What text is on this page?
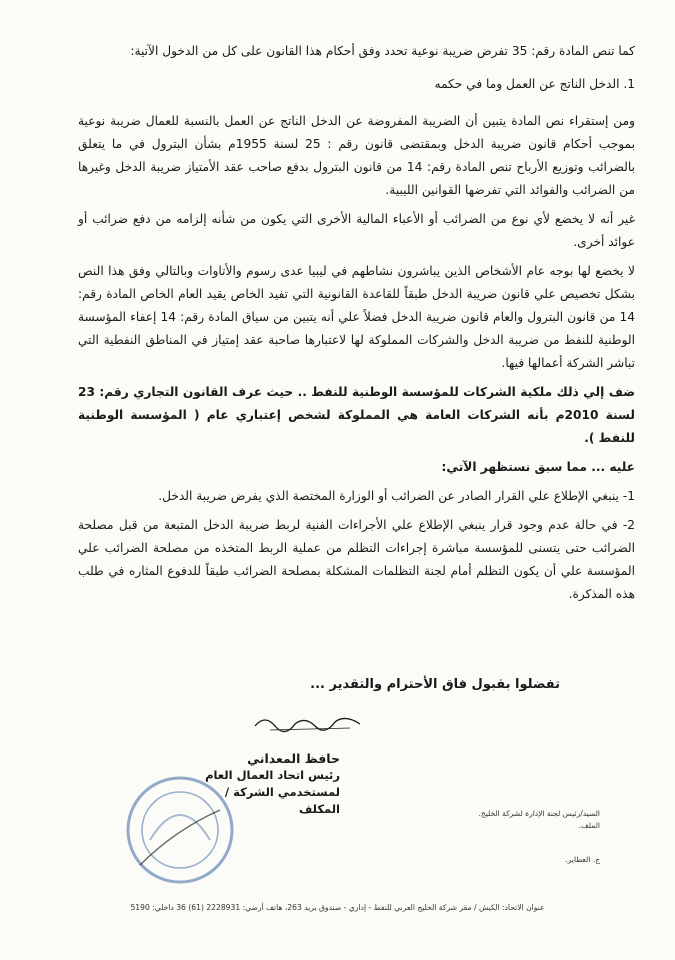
كما تنص المادة رقم: 35 تفرض ضريبة نوعية تحدد وفق أحكام هذا القانون على كل من الدخول الآتية:

1. الدخل الناتج عن العمل وما في حكمه

ومن إستقراء نص المادة يتبين أن الضريبة المفروضة عن الدخل الناتج عن العمل بالنسبة للعمال ضريبة نوعية بموجب أحكام قانون ضريبة الدخل وبمقتضى قانون رقم : 25 لسنة 1955م بشأن البترول في ما يتعلق بالضرائب وتوزيع الأرباح تنص المادة رقم: 14 من قانون البترول بدفع صاحب عقد الأمتياز ضريبة الدخل وغيرها من الضرائب والفوائد التي تفرضها القوانين الليبية.

غير أنه لا يخضع لأي نوع من الضرائب أو الأعباء المالية الأخرى التي يكون من شأنه إلزامه من دفع ضرائب أو عوائد أخرى.

لا يخضع لها بوجه عام الأشخاص الذين يباشرون نشاطهم في ليبيا عدى رسوم والأتاوات وبالتالي وفق هذا النص بشكل تخصيص علي قانون ضريبة الدخل طبقاً للقاعدة القانونية التي تفيد الخاص يقيد العام الخاص المادة رقم: 14 من قانون البترول والعام قانون ضريبة الدخل فضلاً علي أنه يتبين من سياق المادة رقم: 14 إعفاء المؤسسة الوطنية للنفط من ضريبة الدخل والشركات المملوكة لها لاعتبارها صاحبة عقد إمتياز في المناطق النفطية التي تباشر الشركة أعمالها فيها.

ضف إلي ذلك ملكية الشركات للمؤسسة الوطنية للنفط .. حيث عرف القانون التجاري رقم: 23 لسنة 2010م بأنه الشركات العامة هي المملوكة لشخص إعتباري عام ( المؤسسة الوطنية للنفط ).

عليه ... مما سبق نستظهر الآتي:

1- ينبغي الإطلاع علي القرار الصادر عن الضرائب أو الوزارة المختصة الذي يفرض ضريبة الدخل.

2- في حالة عدم وجود قرار ينبغي الإطلاع علي الأجراءات الفنية لربط ضريبة الدخل المتبعة من قبل مصلحة الضرائب حتى يتسنى للمؤسسة مباشرة إجراءات التظلم من عملية الربط المتخذه من مصلحة الضرائب علي المؤسسة علي أن يكون التظلم أمام لجنة التظلمات المشكلة بمصلحة الضرائب طبقاً للدفوع المثاره في طلب هذه المذكرة.

تفضلوا بقبول فاق الأحترام والتقدير ...
حافظ المعداني
رئيس اتحاد العمال العام
لمستخدمي الشركة / المكلف	السيد/رئيس لجنة الإدارة لشركة الخليج.
الملف.
ج. العطاير.
عنوان الاتحاد: الكيش / مقر شركة الخليج العربي للنفط - إداري - صندوق بريد 263، هاتف أرضي: 2228931 (61) 36 داخلي: 5190
